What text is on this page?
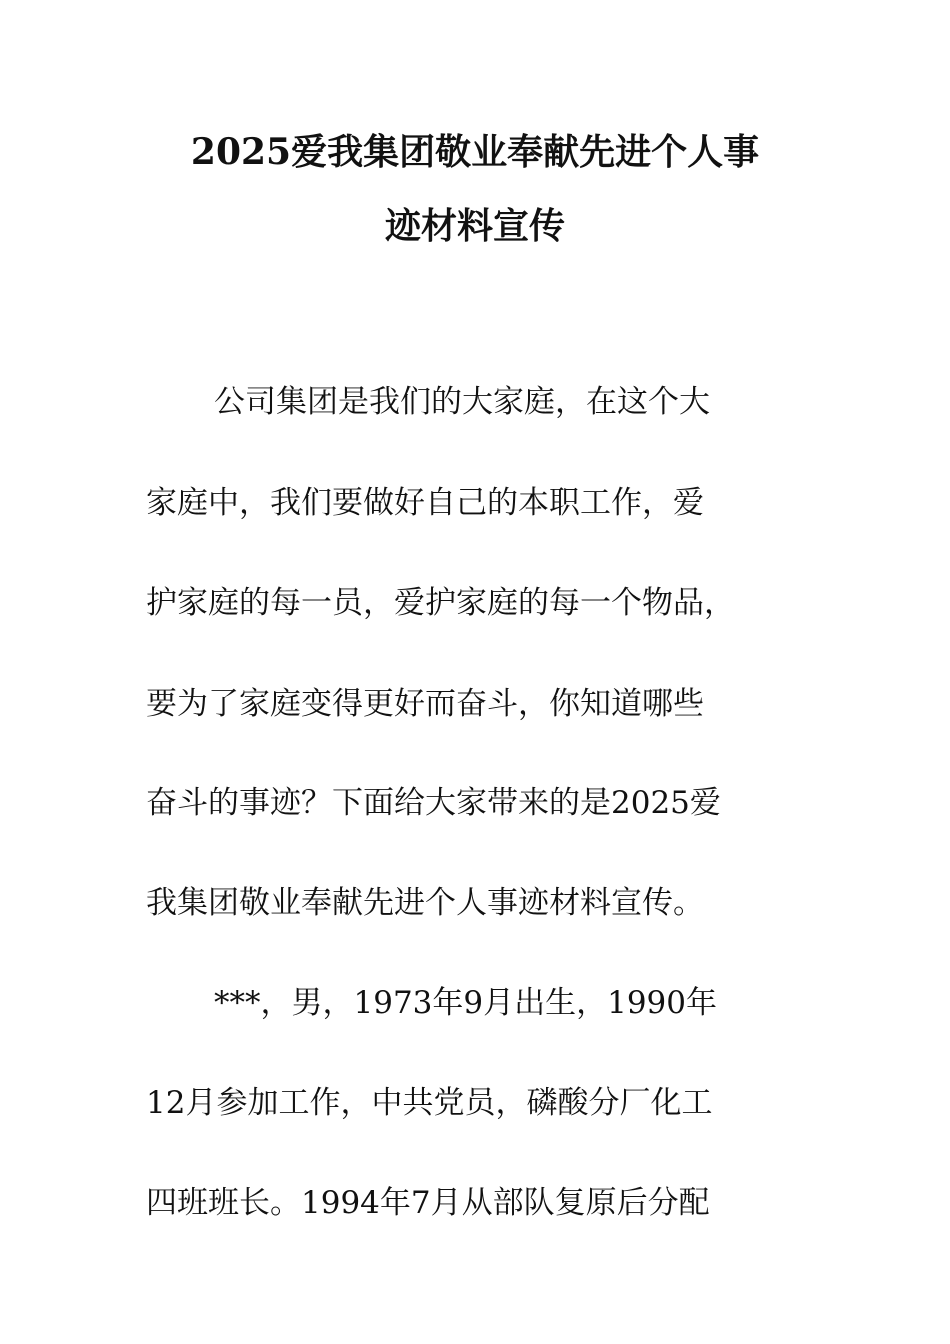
2025爱我集团敬业奉献先进个人事
迹材料宣传
公司集团是我们的大家庭，在这个大
家庭中，我们要做好自己的本职工作，爱
护家庭的每一员，爱护家庭的每一个物品，
要为了家庭变得更好而奋斗，你知道哪些
奋斗的事迹？下面给大家带来的是2025爱
我集团敬业奉献先进个人事迹材料宣传。
***，男，1973年9月出生，1990年
12月参加工作，中共党员，磷酸分厂化工
四班班长。1994年7月从部队复原后分配
